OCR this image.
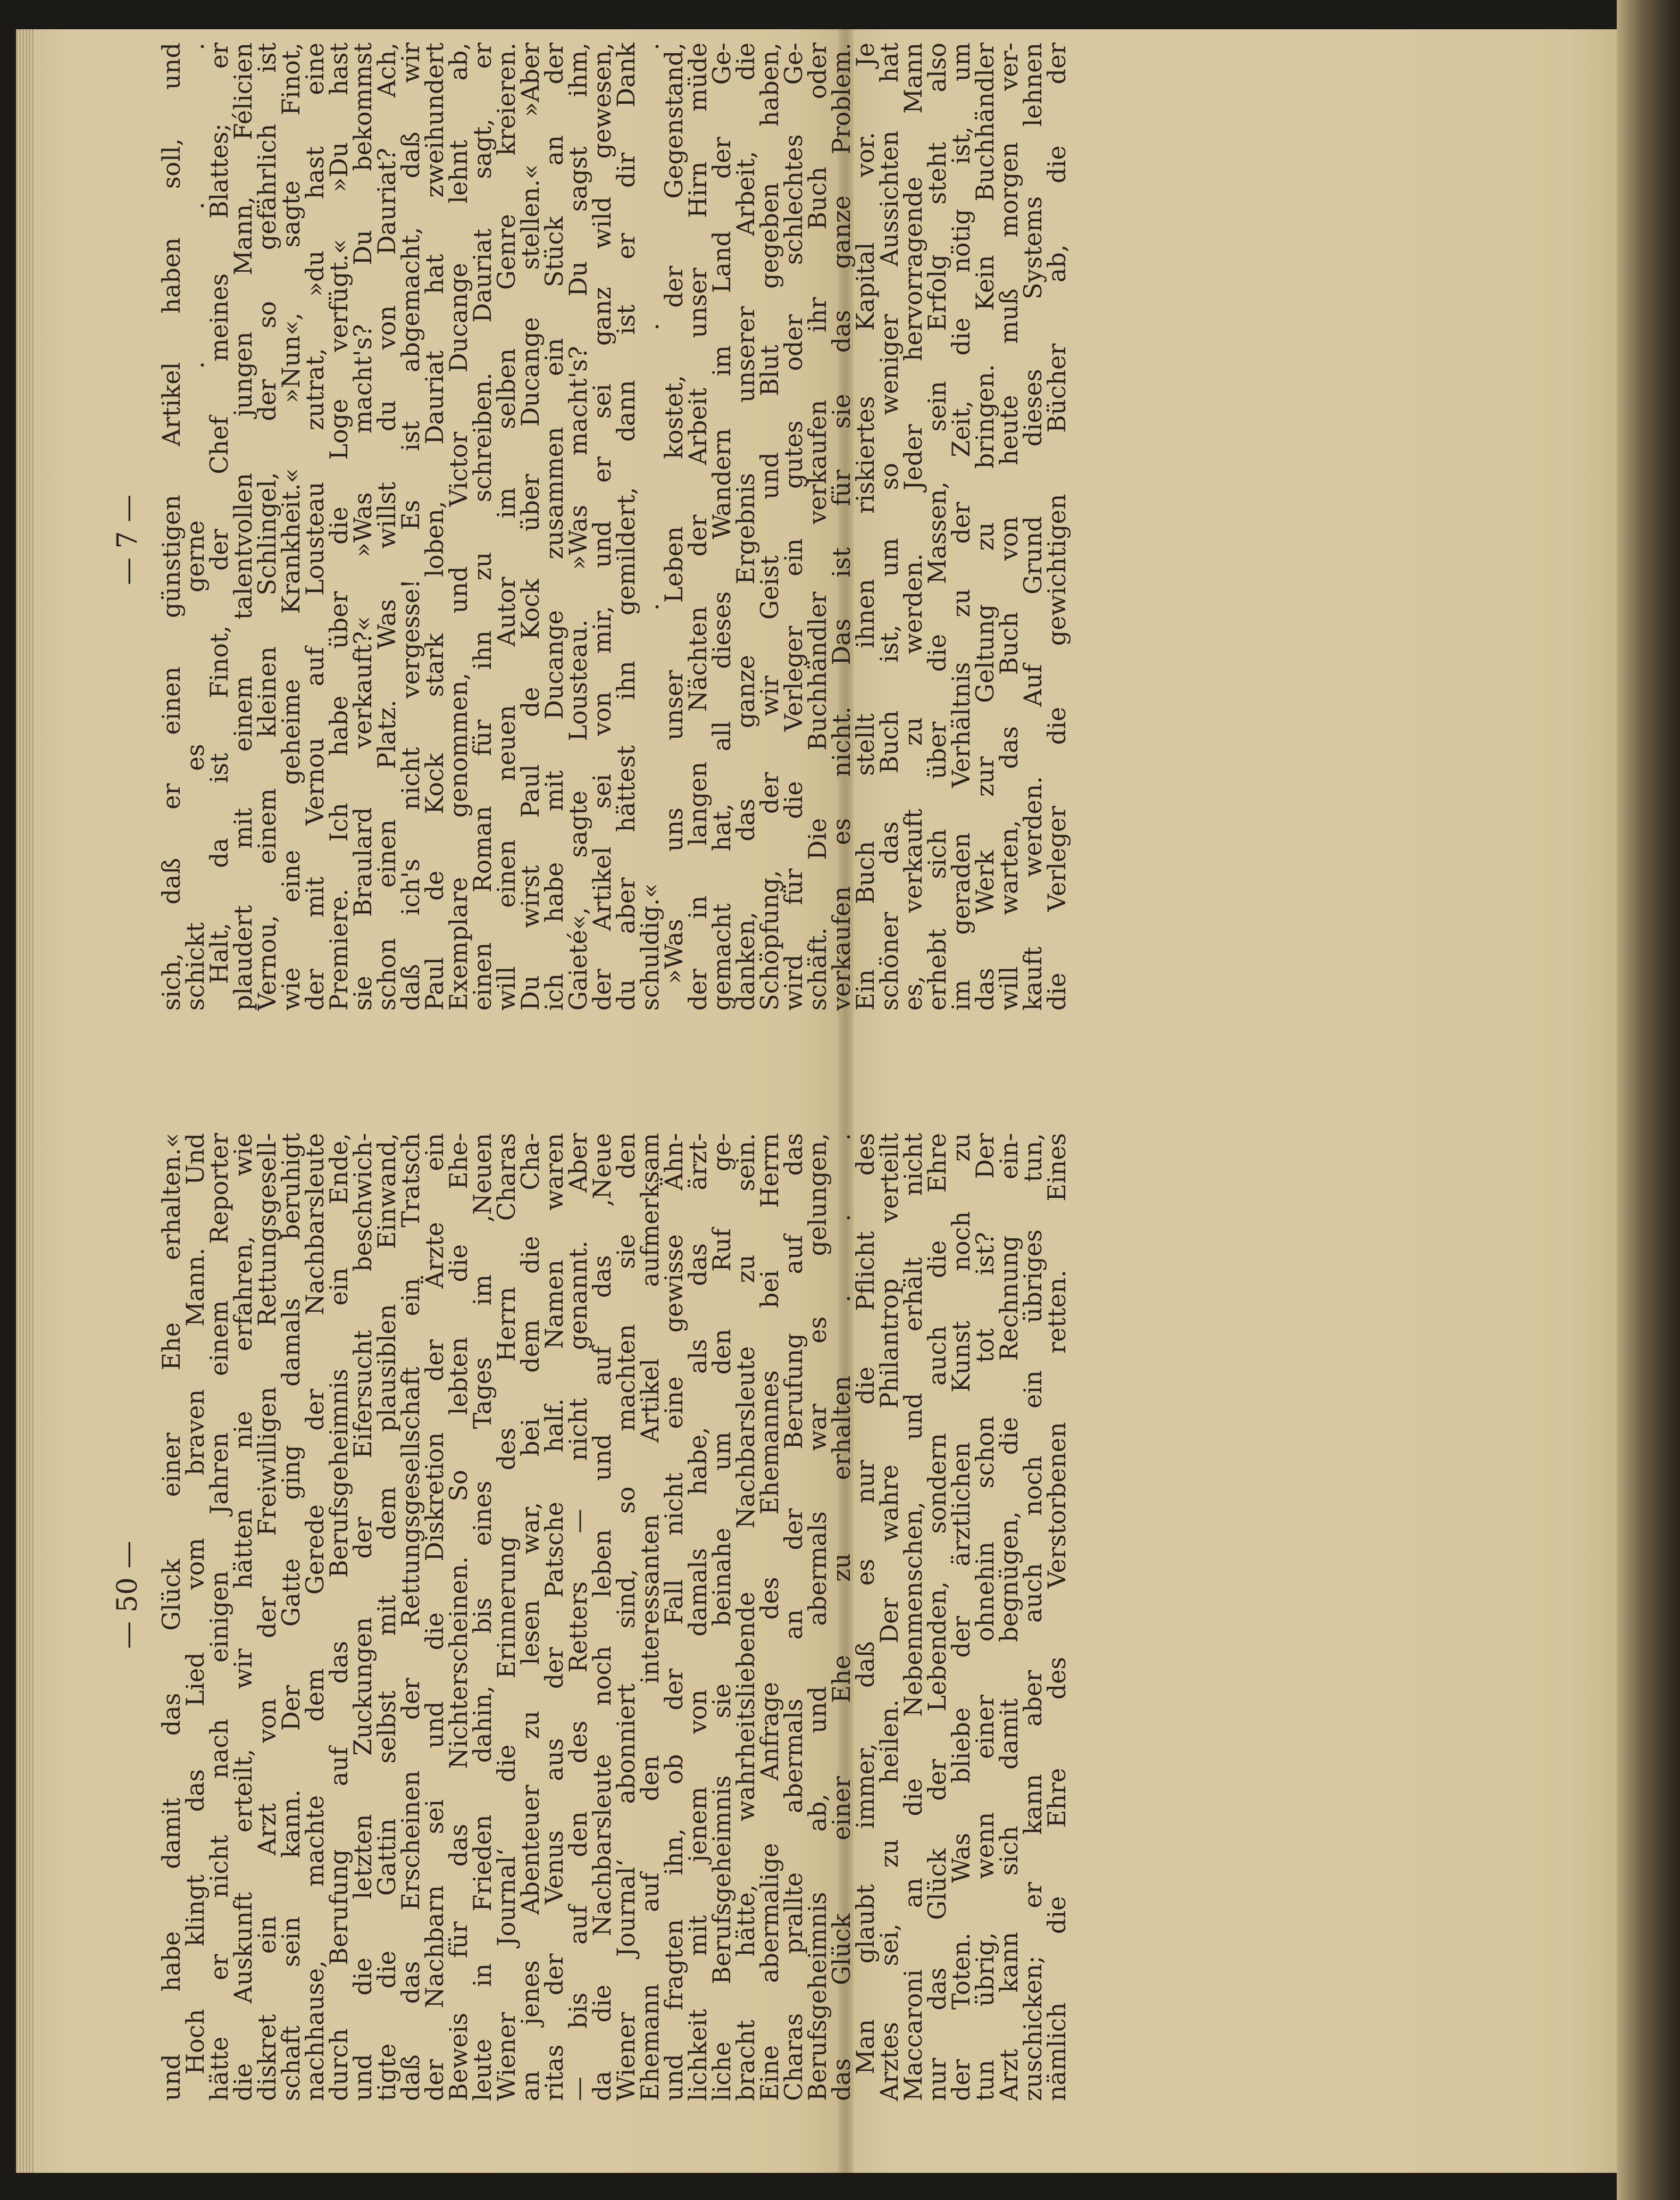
— 50 — und habe damit das Glück einer Ehe erhalten.«
Hoch klingt das Lied vom braven Mann. Und
hätte er nicht nach einigen Jahren einem Reporter
die Auskunft erteilt, wir hätten nie erfahren, wie
diskret ein Arzt von der Freiwilligen Rettungsgesell-
schaft sein kann. Der Gatte ging damals beruhigt
nachhause, machte dem Gerede der Nachbarsleute
durch Berufung auf das Berufsgeheimnis ein Ende,
und die letzten Zuckungen der Eifersucht beschwich-
tigte die Gattin selbst mit dem plausiblen Einwand,
daß das Erscheinen der Rettungsgesellschaft ein Tratsch
der Nachbarn sei und die Diskretion der Ärzte ein
Beweis für das Nichterscheinen. So lebten die Ehe-
leute in Frieden dahin, bis eines Tages im ‚Neuen
Wiener Journal‘ die Erinnerung des Herrn Charas
an jenes Abenteuer zu lesen war, bei dem die Cha-
ritas der Venus aus der Patsche half. Namen waren
— bis auf den des Retters — nicht genannt. Aber
da die Nachbarsleute noch leben und auf das ‚Neue
Wiener Journal‘ abonniert sind, so machten sie den
Ehemann auf den interessanten Artikel aufmerksam
und fragten ihn, ob der Fall nicht eine gewisse Ähn-
lichkeit mit jenem von damals habe, als das ärzt-
liche Berufsgeheimnis sie beinahe um den Ruf ge-
bracht hätte, wahrheitsliebende Nachbarsleute zu sein.
Eine abermalige Anfrage des Ehemannes bei Herrn
Charas prallte abermals an der Berufung auf das
Berufsgeheimnis ab, und abermals war es gelungen,
das Glück einer Ehe zu erhalten . . .
Man glaubt immer, daß es nur die Pflicht des
Arztes sei, zu heilen. Der wahre Philantrop verteilt
Maccaroni an die Nebenmenschen, und erhält nicht
nur das Glück der Lebenden, sondern auch die Ehre
der Toten. Was bliebe der ärztlichen Kunst noch zu
tun übrig, wenn einer ohnehin schon tot ist? Der
Arzt kann sich damit begnügen, die Rechnung ein-
zuschicken; er kann aber auch noch ein übriges tun,
nämlich die Ehre des Verstorbenen retten. Eines
— 7 — sich, daß er einen günstigen Artikel haben soll, und
schickt es gerne . . .
Halt, da ist Finot, der Chef meines Blattes; er
plaudert mit einem talentvollen jungen Mann, Félicien
Vernou, einem kleinen Schlingel, der so gefährlich ist
wie eine geheime Krankheit.« »Nun«, sagte Finot,
der mit Vernou auf Lousteau zutrat, »du hast eine
Premiere. Ich habe über die Loge verfügt.« »Du hast
sie Braulard verkauft?« »Was macht's? Du bekommst
schon einen Platz. Was willst du von Dauriat? Ach,
daß ich's nicht vergesse! Es ist abgemacht, daß wir
Paul de Kock stark loben, Dauriat hat zweihundert
Exemplare genommen, und Victor Ducange lehnt ab,
einen Roman für ihn zu schreiben. Dauriat sagt, er
will einen neuen Autor im selben Genre kreieren.
Du wirst Paul de Kock über Ducange stellen.« »Aber
ich habe mit Ducange zusammen ein Stück an der
Gaieté«, sagte Lousteau. »Was macht's? Du sagst ihm,
der Artikel sei von mir, und er sei ganz wild gewesen,
du aber hättest ihn gemildert, dann ist er dir Dank
schuldig.« . . .
»Was uns unser Leben kostet, der Gegenstand,
der in langen Nächten der Arbeit unser Hirn müde
gemacht hat, all dieses Wandern im Land der Ge-
danken, das ganze Ergebnis unserer Arbeit, die
Schöpfung, der wir Geist und Blut gegeben haben,
wird für die Verleger ein gutes oder schlechtes Ge-
schäft. Die Buchhändler verkaufen ihr Buch oder
verkaufen es nicht. Das ist für sie das ganze Problem.
Ein Buch stellt ihnen riskiertes Kapital vor. Je
schöner das Buch ist, um so weniger Aussichten hat
es, verkauft zu werden. Jeder hervorragende Mann
erhebt sich über die Massen, sein Erfolg steht also
im geraden Verhältnis zu der Zeit, die nötig ist, um
das Werk zur Geltung zu bringen. Kein Buchhändler
will warten, das Buch von heute muß morgen ver-
kauft werden. Auf Grund dieses Systems lehnen
die Verleger die gewichtigen Bücher ab, die der
